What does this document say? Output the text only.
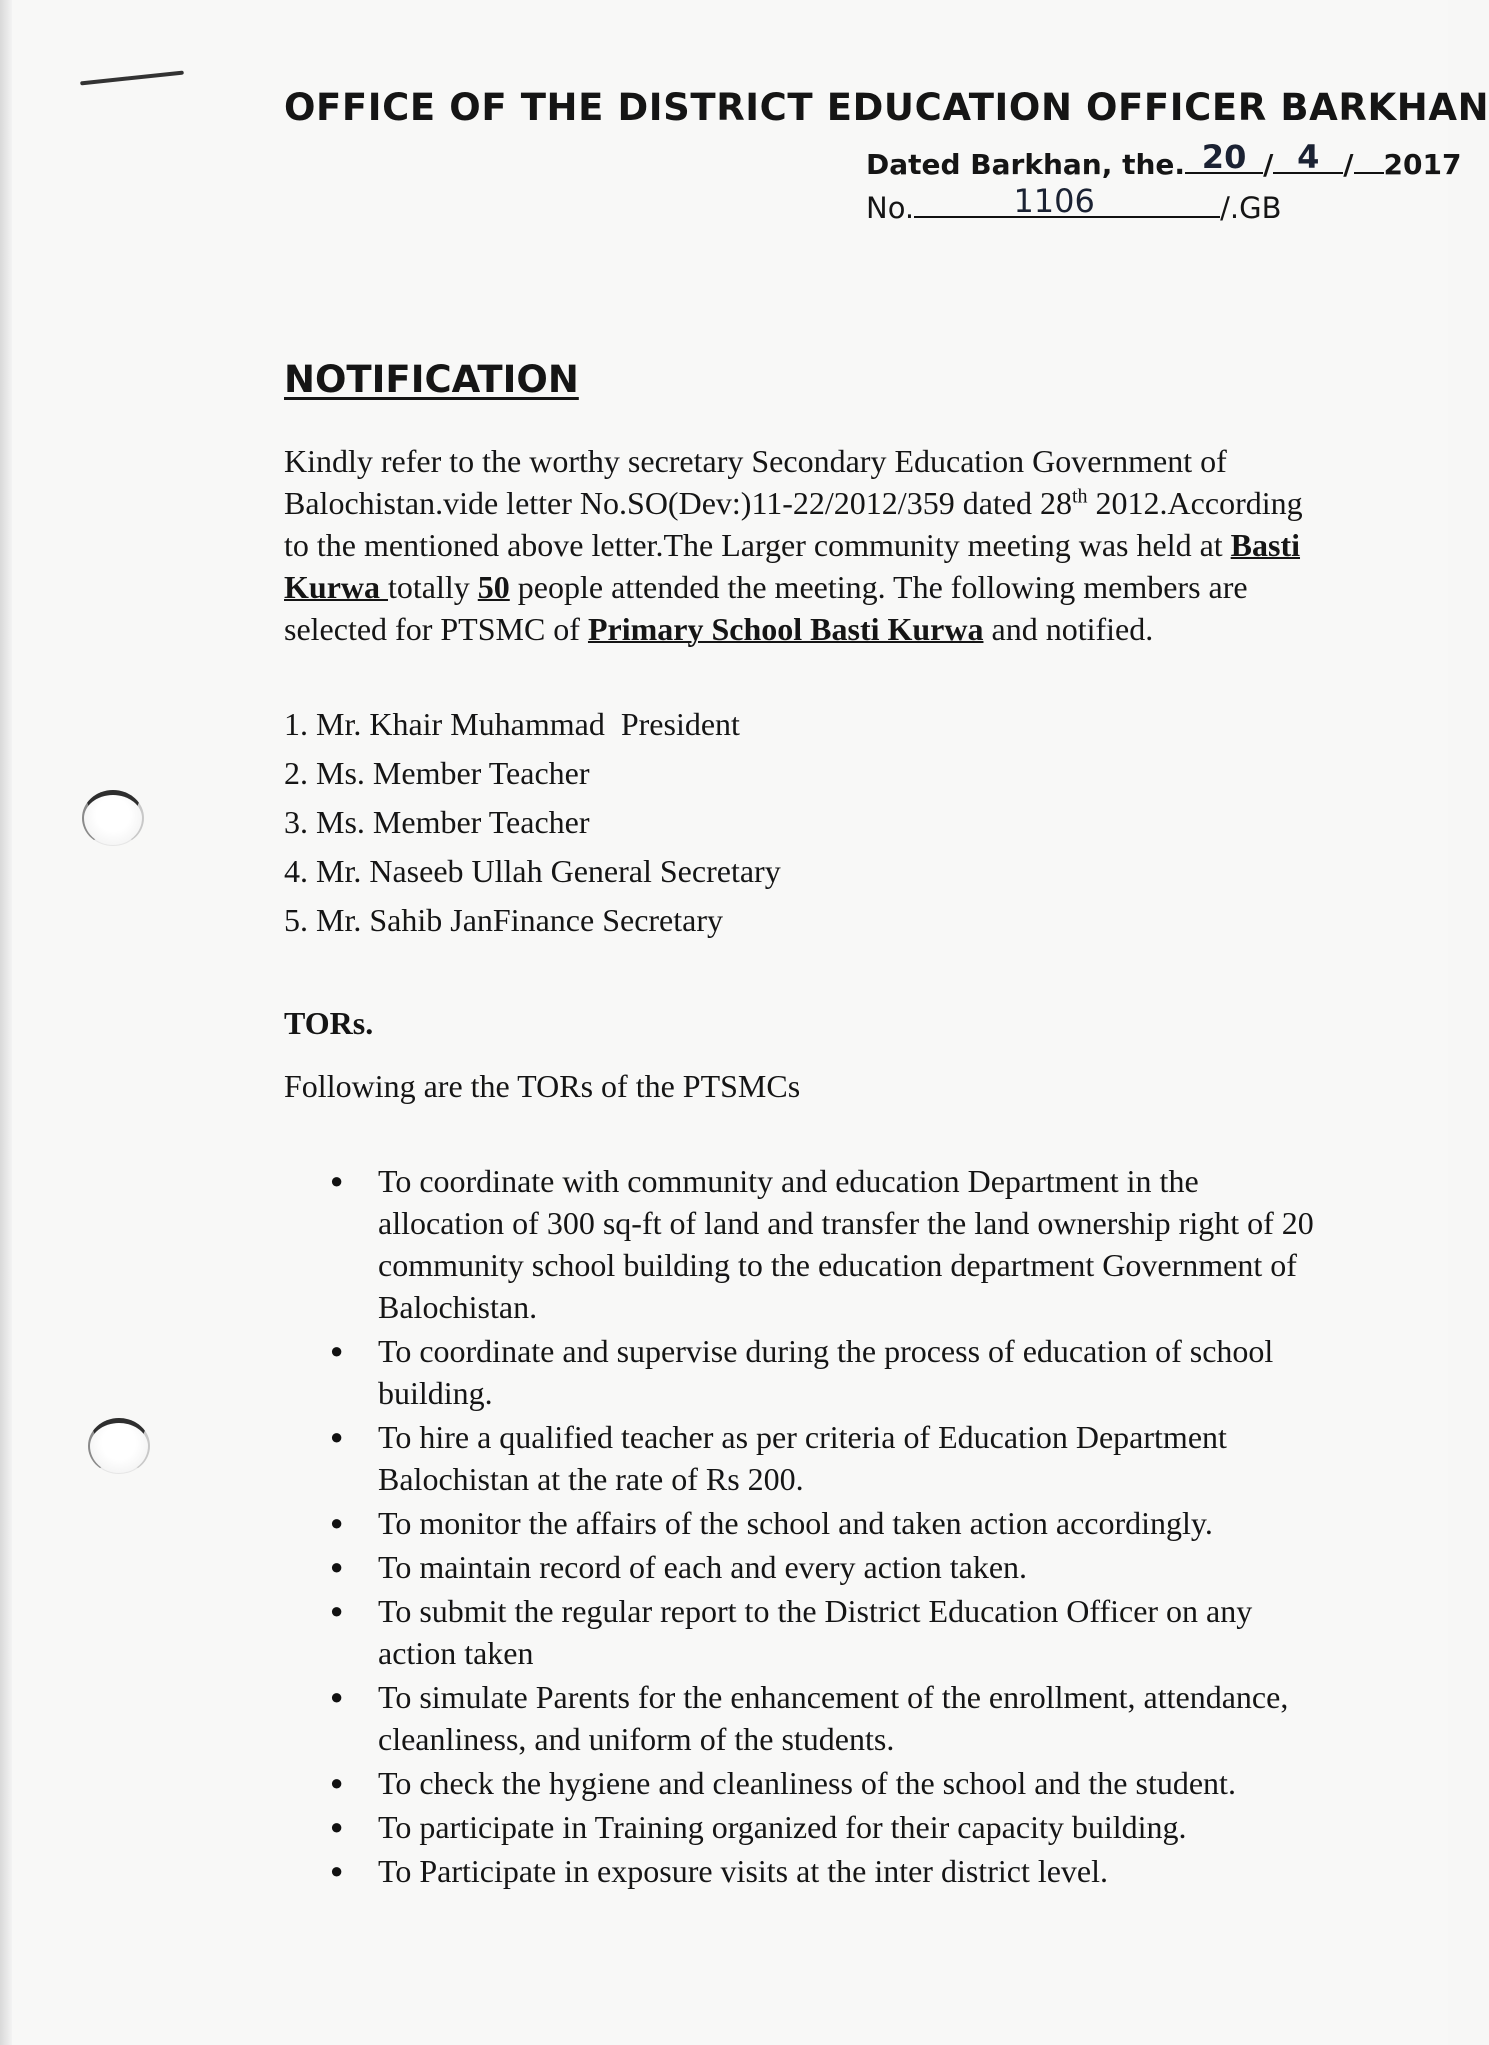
OFFICE OF THE DISTRICT EDUCATION OFFICER BARKHAN
Dated Barkhan, the. 20 / 4 / 2017
No.	1106	/.GB
NOTIFICATION

Kindly refer to the worthy secretary Secondary Education Government of
Balochistan.vide letter No.SO(Dev:)11-22/2012/359 dated 28th 2012.According
to the mentioned above letter.The Larger community meeting was held at Basti
Kurwa totally 50 people attended the meeting. The following members are
selected for PTSMC of Primary School Basti Kurwa and notified.

1. Mr. Khair Muhammad  President
2. Ms. Member Teacher
3. Ms. Member Teacher
4. Mr. Naseeb Ullah General Secretary
5. Mr. Sahib JanFinance Secretary
TORs.

Following are the TORs of the PTSMCs

● To coordinate with community and education Department in the
allocation of 300 sq-ft of land and transfer the land ownership right of 20
community school building to the education department Government of
Balochistan.
● To coordinate and supervise during the process of education of school
building.
● To hire a qualified teacher as per criteria of Education Department
Balochistan at the rate of Rs 200.
● To monitor the affairs of the school and taken action accordingly.
● To maintain record of each and every action taken.
● To submit the regular report to the District Education Officer on any
action taken
● To simulate Parents for the enhancement of the enrollment, attendance,
cleanliness, and uniform of the students.
● To check the hygiene and cleanliness of the school and the student.
● To participate in Training organized for their capacity building.
● To Participate in exposure visits at the inter district level.
